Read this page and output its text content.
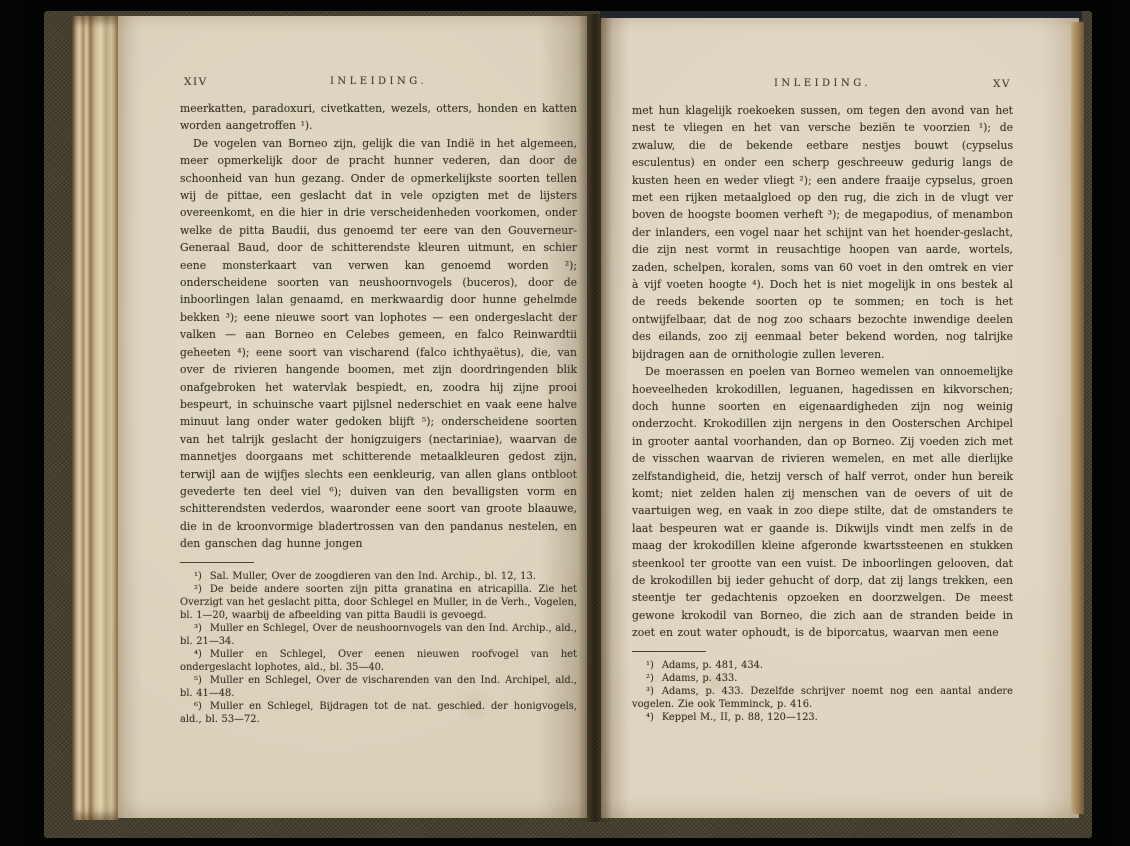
XIV	INLEIDING.

meerkatten, paradoxuri, civetkatten, wezels, otters, honden en katten worden aangetroffen ¹).

De vogelen van Borneo zijn, gelijk die van Indië in het algemeen, meer opmerkelijk door de pracht hunner vederen, dan door de schoonheid van hun gezang. Onder de opmerkelijkste soorten tellen wij de pittae, een geslacht dat in vele opzigten met de lijsters overeenkomt, en die hier in drie verscheidenheden voorkomen, onder welke de pitta Baudii, dus genoemd ter eere van den Gouverneur-Generaal Baud, door de schitterendste kleuren uitmunt, en schier eene monsterkaart van verwen kan genoemd worden ²); onderscheidene soorten van neushoornvogels (buceros), door de inboorlingen lalan genaamd, en merkwaardig door hunne gehelmde bekken ³); eene nieuwe soort van lophotes — een ondergeslacht der valken — aan Borneo en Celebes gemeen, en falco Reinwardtii geheeten ⁴); eene soort van vischarend (falco ichthyaëtus), die, van over de rivieren hangende boomen, met zijn doordringenden blik onafgebroken het watervlak bespiedt, en, zoodra hij zijne prooi bespeurt, in schuinsche vaart pijlsnel nederschiet en vaak eene halve minuut lang onder water gedoken blijft ⁵); onderscheidene soorten van het talrijk geslacht der honigzuigers (nectariniae), waarvan de mannetjes doorgaans met schitterende metaalkleuren gedost zijn, terwijl aan de wijfjes slechts een eenkleurig, van allen glans ontbloot gevederte ten deel viel ⁶); duiven van den bevalligsten vorm en schitterendsten vederdos, waaronder eene soort van groote blaauwe, die in de kroonvormige bladertrossen van den pandanus nestelen, en den ganschen dag hunne jongen

¹) Sal. Muller, Over de zoogdieren van den Ind. Archip., bl. 12, 13.
²) De beide andere soorten zijn pitta granatina en atricapilla. Zie het Overzigt van het geslacht pitta, door Schlegel en Muller, in de Verh., Vogelen, bl. 1—20, waarbij de afbeelding van pitta Baudii is gevoegd.
³) Muller en Schlegel, Over de neushoornvogels van den Ind. Archip., ald., bl. 21—34.
⁴) Muller en Schlegel, Over eenen nieuwen roofvogel van het ondergeslacht lophotes, ald., bl. 35—40.
⁵) Muller en Schlegel, Over de vischarenden van den Ind. Archipel, ald., bl. 41—48.
⁶) Muller en Schlegel, Bijdragen tot de nat. geschied. der honigvogels, ald., bl. 53—72.
INLEIDING.	XV

met hun klagelijk roekoeken sussen, om tegen den avond van het nest te vliegen en het van versche beziën te voorzien ¹); de zwaluw, die de bekende eetbare nestjes bouwt (cypselus esculentus) en onder een scherp geschreeuw gedurig langs de kusten heen en weder vliegt ²); een andere fraaije cypselus, groen met een rijken metaalgloed op den rug, die zich in de vlugt ver boven de hoogste boomen verheft ³); de megapodius, of menambon der inlanders, een vogel naar het schijnt van het hoender-geslacht, die zijn nest vormt in reusachtige hoopen van aarde, wortels, zaden, schelpen, koralen, soms van 60 voet in den omtrek en vier à vijf voeten hoogte ⁴). Doch het is niet mogelijk in ons bestek al de reeds bekende soorten op te sommen; en toch is het ontwijfelbaar, dat de nog zoo schaars bezochte inwendige deelen des eilands, zoo zij eenmaal beter bekend worden, nog talrijke bijdragen aan de ornithologie zullen leveren.

De moerassen en poelen van Borneo wemelen van onnoemelijke hoeveelheden krokodillen, leguanen, hagedissen en kikvorschen; doch hunne soorten en eigenaardigheden zijn nog weinig onderzocht. Krokodillen zijn nergens in den Oosterschen Archipel in grooter aantal voorhanden, dan op Borneo. Zij voeden zich met de visschen waarvan de rivieren wemelen, en met alle dierlijke zelfstandigheid, die, hetzij versch of half verrot, onder hun bereik komt; niet zelden halen zij menschen van de oevers of uit de vaartuigen weg, en vaak in zoo diepe stilte, dat de omstanders te laat bespeuren wat er gaande is. Dikwijls vindt men zelfs in de maag der krokodillen kleine afgeronde kwartssteenen en stukken steenkool ter grootte van een vuist. De inboorlingen gelooven, dat de krokodillen bij ieder gehucht of dorp, dat zij langs trekken, een steentje ter gedachtenis opzoeken en doorzwelgen. De meest gewone krokodil van Borneo, die zich aan de stranden beide in zoet en zout water ophoudt, is de biporcatus, waarvan men eene

¹) Adams, p. 481, 434.
²) Adams, p. 433.
³) Adams, p. 433. Dezelfde schrijver noemt nog een aantal andere vogelen. Zie ook Temminck, p. 416.
⁴) Keppel M., II, p. 88, 120—123.
